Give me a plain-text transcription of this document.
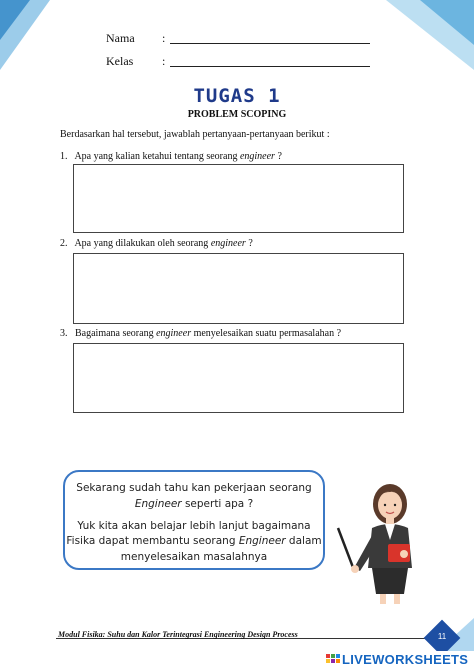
Nama :
Kelas :
TUGAS 1
PROBLEM SCOPING
Berdasarkan hal tersebut, jawablah pertanyaan-pertanyaan berikut :
1. Apa yang kalian ketahui tentang seorang engineer ?
2. Apa yang dilakukan oleh seorang engineer ?
3. Bagaimana seorang engineer menyelesaikan suatu permasalahan ?

Sekarang sudah tahu kan pekerjaan seorang

Engineer seperti apa ?

Yuk kita akan belajar lebih lanjut bagaimana

Fisika dapat membantu seorang Engineer dalam

menyelesaikan masalahnya

Modul Fisika: Suhu dan Kalor Terintegrasi Engineering Design Process	11
LIVEWORKSHEETS
